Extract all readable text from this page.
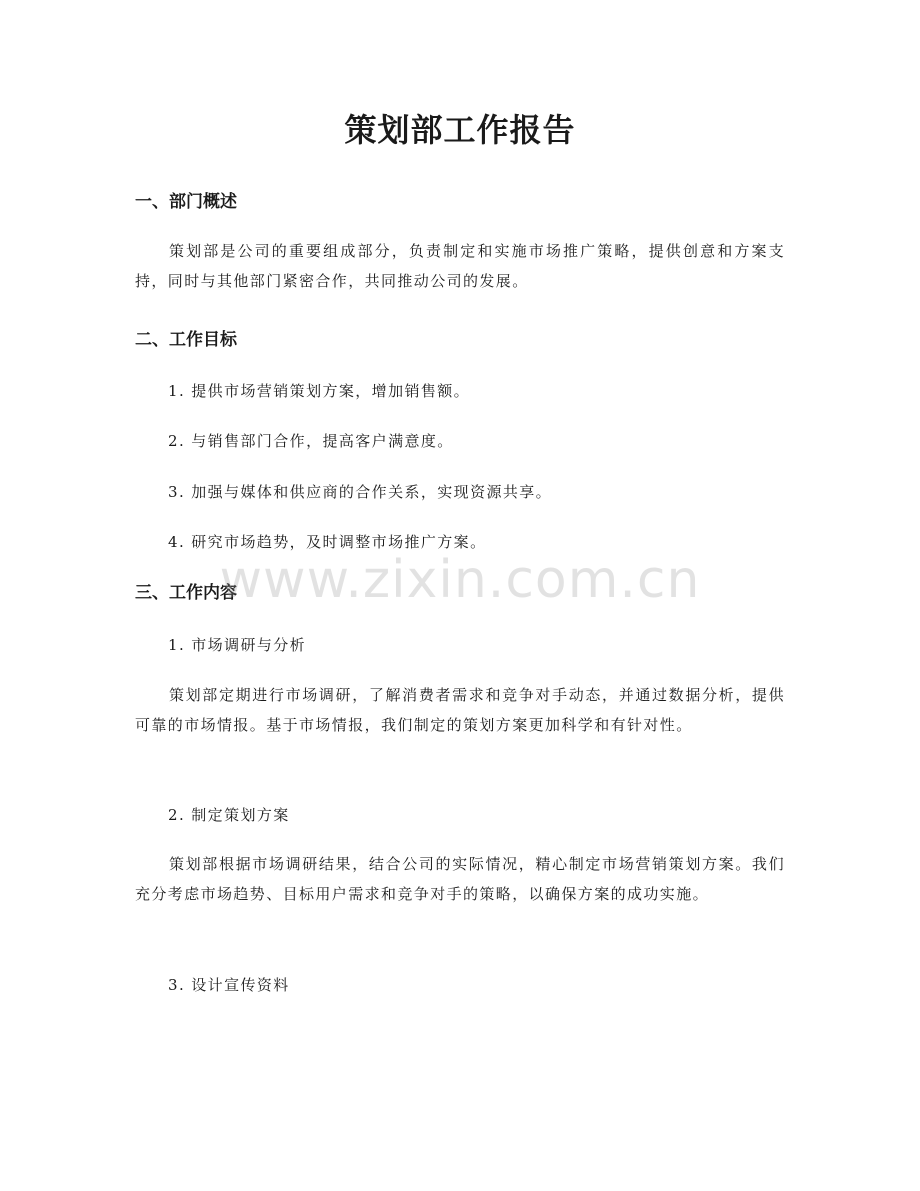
策划部工作报告
一、部门概述

策划部是公司的重要组成部分，负责制定和实施市场推广策略，提供创意和方案支持，同时与其他部门紧密合作，共同推动公司的发展。

二、工作目标

1. 提供市场营销策划方案，增加销售额。

2. 与销售部门合作，提高客户满意度。

3. 加强与媒体和供应商的合作关系，实现资源共享。

4. 研究市场趋势，及时调整市场推广方案。

三、工作内容

1. 市场调研与分析

策划部定期进行市场调研，了解消费者需求和竞争对手动态，并通过数据分析，提供可靠的市场情报。基于市场情报，我们制定的策划方案更加科学和有针对性。

2. 制定策划方案

策划部根据市场调研结果，结合公司的实际情况，精心制定市场营销策划方案。我们充分考虑市场趋势、目标用户需求和竞争对手的策略，以确保方案的成功实施。

3. 设计宣传资料

www.zixin.com.cn
